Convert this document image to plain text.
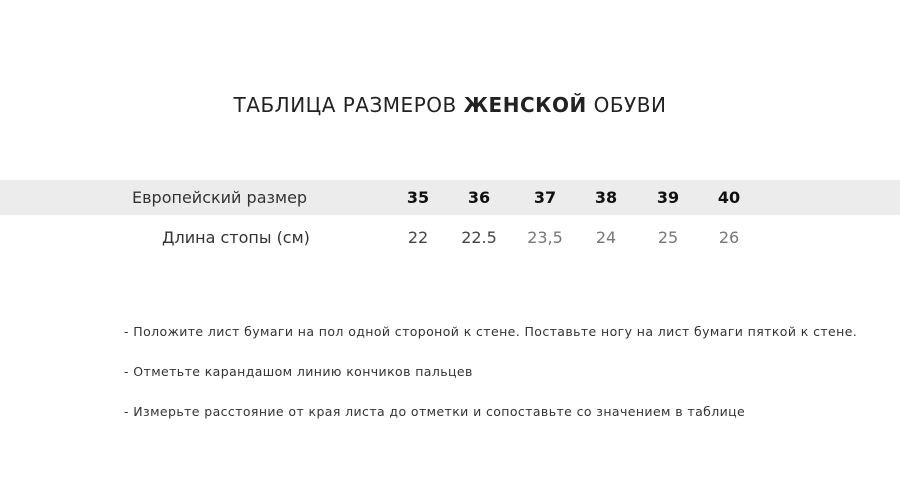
ТАБЛИЦА РАЗМЕРОВ ЖЕНСКОЙ ОБУВИ
Европейский размер	35	36	37	38	39	40
Длина стопы (см)	22	22.5	23,5	24	25	26

- Положите лист бумаги на пол одной стороной к стене. Поставьте ногу на лист бумаги пяткой к стене.

- Отметьте карандашом линию кончиков пальцев

- Измерьте расстояние от края листа до отметки и сопоставьте со значением в таблице
